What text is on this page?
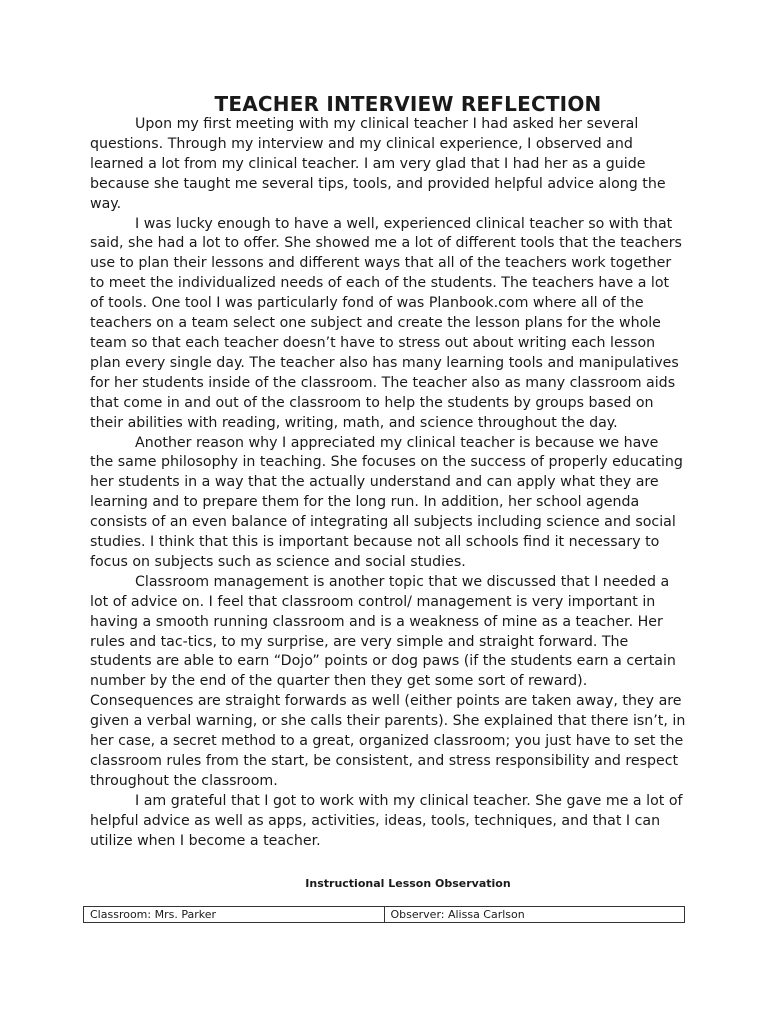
TEACHER INTERVIEW REFLECTION

Upon my first meeting with my clinical teacher I had asked her several questions. Through my interview and my clinical experience, I observed and learned a lot from my clinical teacher. I am very glad that I had her as a guide because she taught me several tips, tools, and provided helpful advice along the way.

I was lucky enough to have a well, experienced clinical teacher so with that said, she had a lot to offer. She showed me a lot of different tools that the teachers use to plan their lessons and different ways that all of the teachers work together to meet the individualized needs of each of the students. The teachers have a lot of tools. One tool I was particularly fond of was Planbook.com where all of the teachers on a team select one subject and create the lesson plans for the whole team so that each teacher doesn’t have to stress out about writing each lesson plan every single day. The teacher also has many learning tools and manipulatives for her students inside of the classroom. The teacher also as many classroom aids that come in and out of the classroom to help the students by groups based on their abilities with reading, writing, math, and science throughout the day.

Another reason why I appreciated my clinical teacher is because we have the same philosophy in teaching. She focuses on the success of properly educating her students in a way that the actually understand and can apply what they are learning and to prepare them for the long run. In addition, her school agenda consists of an even balance of integrating all subjects including science and social studies. I think that this is important because not all schools find it necessary to focus on subjects such as science and social studies.

Classroom management is another topic that we discussed that I needed a lot of advice on. I feel that classroom control/ management is very important in having a smooth running classroom and is a weakness of mine as a teacher. Her rules and tac-tics, to my surprise, are very simple and straight forward. The students are able to earn “Dojo” points or dog paws (if the students earn a certain number by the end of the quarter then they get some sort of reward). Consequences are straight forwards as well (either points are taken away, they are given a verbal warning, or she calls their parents). She explained that there isn’t, in her case, a secret method to a great, organized classroom; you just have to set the classroom rules from the start, be consistent, and stress responsibility and respect throughout the classroom.

I am grateful that I got to work with my clinical teacher. She gave me a lot of helpful advice as well as apps, activities, ideas, tools, techniques, and that I can utilize when I become a teacher.

Instructional Lesson Observation
Classroom: Mrs. Parker	Observer: Alissa Carlson
